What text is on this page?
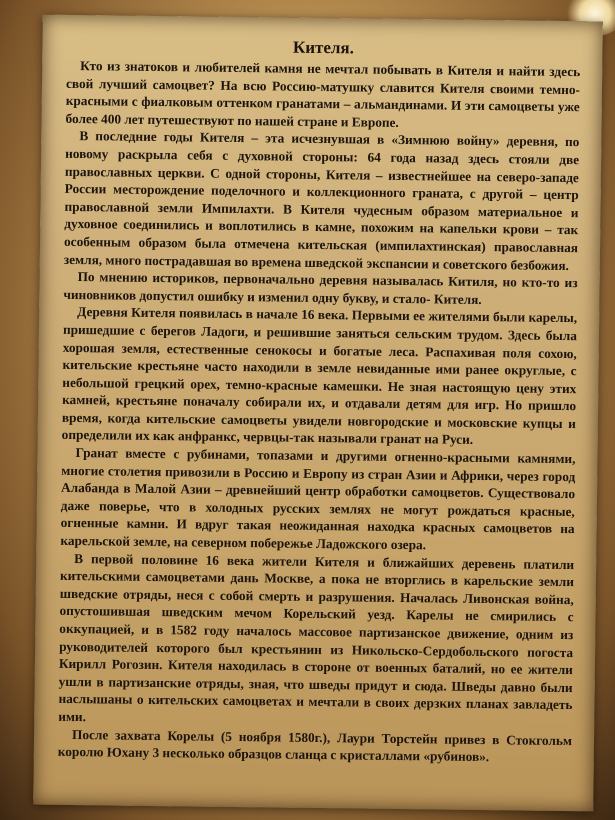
Кителя.

Кто из знатоков и любителей камня не мечтал побывать в Кителя и найти здесь свой лучший самоцвет? На всю Россию-матушку славится Кителя своими темно-красными с фиалковым оттенком гранатами – альмандинами. И эти самоцветы уже более 400 лет путешествуют по нашей стране и Европе.

В последние годы Кителя – эта исчезнувшая в «Зимнюю войну» деревня, по новому раскрыла себя с духовной стороны: 64 года назад здесь стояли две православных церкви. С одной стороны, Кителя – известнейшее на северо-западе России месторождение поделочного и коллекционного граната, с другой – центр православной земли Импилахти. В Кителя чудесным образом материальное и духовное соединились и воплотились в камне, похожим на капельки крови – так особенным образом была отмечена кительская (импилахтинская) православная земля, много пострадавшая во времена шведской экспансии и советского безбожия.

По мнению историков, первоначально деревня называлась Китиля, но кто-то из чиновников допустил ошибку и изменил одну букву, и стало- Кителя.

Деревня Кителя появилась в начале 16 века. Первыми ее жителями были карелы, пришедшие с берегов Ладоги, и решившие заняться сельским трудом. Здесь была хорошая земля, естественные сенокосы и богатые леса. Распахивая поля сохою, кительские крестьяне часто находили в земле невиданные ими ранее округлые, с небольшой грецкий орех, темно-красные камешки. Не зная настоящую цену этих камней, крестьяне поначалу собирали их, и отдавали детям для игр. Но пришло время, когда кительские самоцветы увидели новгородские и московские купцы и определили их как анфранкс, червцы-так называли гранат на Руси.

Гранат вместе с рубинами, топазами и другими огненно-красными камнями, многие столетия привозили в Россию и Европу из стран Азии и Африки, через город Алабанда в Малой Азии – древнейший центр обработки самоцветов. Существовало даже поверье, что в холодных русских землях не могут рождаться красные, огненные камни. И вдруг такая неожиданная находка красных самоцветов на карельской земле, на северном побережье Ладожского озера.

В первой половине 16 века жители Кителя и ближайших деревень платили кительскими самоцветами дань Москве, а пока не вторглись в карельские земли шведские отряды, неся с собой смерть и разрушения. Началась Ливонская война, опустошившая шведским мечом Корельский уезд. Карелы не смирились с оккупацией, и в 1582 году началось массовое партизанское движение, одним из руководителей которого был крестьянин из Никольско-Сердобольского погоста Кирилл Рогозин. Кителя находилась в стороне от военных баталий, но ее жители ушли в партизанские отряды, зная, что шведы придут и сюда. Шведы давно были наслышаны о кительских самоцветах и мечтали в своих дерзких планах завладеть ими.

После захвата Корелы (5 ноября 1580г.), Лаури Торстейн привез в Стокгольм королю Юхану 3 несколько образцов сланца с кристаллами «рубинов».
